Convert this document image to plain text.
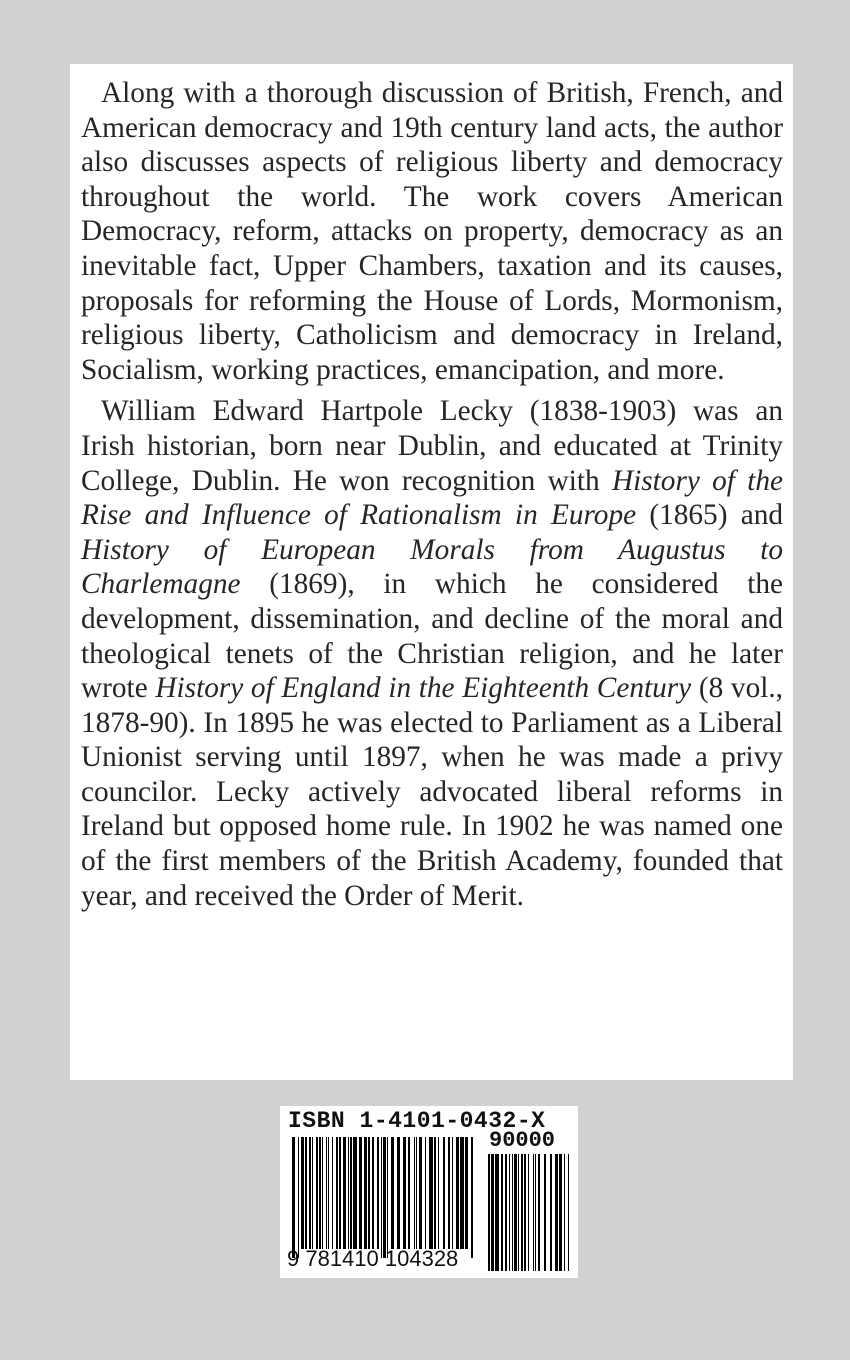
Along with a thorough discussion of British, French, and American democracy and 19th century land acts, the author also discusses aspects of religious liberty and democracy throughout the world. The work covers American Democracy, reform, attacks on property, democracy as an inevitable fact, Upper Chambers, taxation and its causes, proposals for reforming the House of Lords, Mormonism, religious liberty, Catholicism and democracy in Ireland, Socialism, working practices, emancipation, and more.

William Edward Hartpole Lecky (1838-1903) was an Irish historian, born near Dublin, and educated at Trinity College, Dublin. He won recognition with History of the Rise and Influence of Rationalism in Europe (1865) and History of European Morals from Augustus to Charlemagne (1869), in which he considered the development, dissemination, and decline of the moral and theological tenets of the Christian religion, and he later wrote History of England in the Eighteenth Century (8 vol., 1878-90). In 1895 he was elected to Parliament as a Liberal Unionist serving until 1897, when he was made a privy councilor. Lecky actively advocated liberal reforms in Ireland but opposed home rule. In 1902 he was named one of the first members of the British Academy, founded that year, and received the Order of Merit.

ISBN 1-4101-0432-X
90000
9 781410 104328
